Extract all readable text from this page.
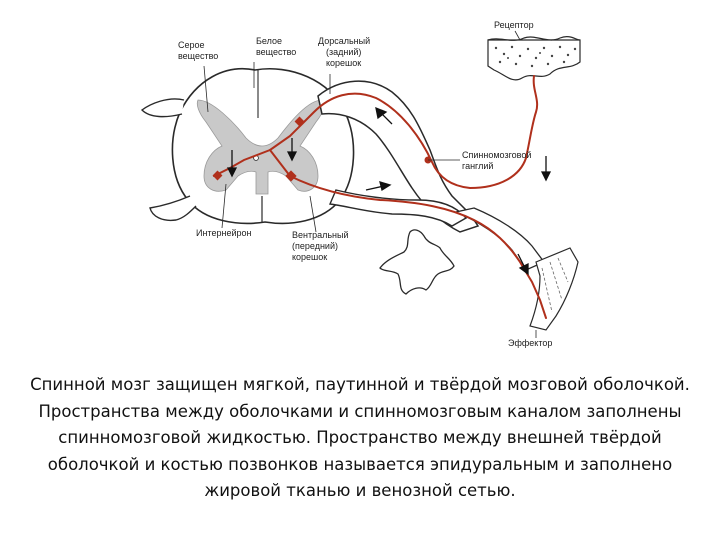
Серое
вещество
Белое
вещество
Дорсальный
(задний)
корешок
Рецептор
Спинномозговой
ганглий
Интернейрон	Вентральный
(передний)
корешок
Эффектор
Спинной мозг защищен мягкой, паутинной и твёрдой мозговой оболочкой.
Пространства между оболочками и спинномозговым каналом заполнены
спинномозговой жидкостью. Пространство между внешней твёрдой
оболочкой и костью позвонков называется эпидуральным и заполнено
жировой тканью и венозной сетью.
